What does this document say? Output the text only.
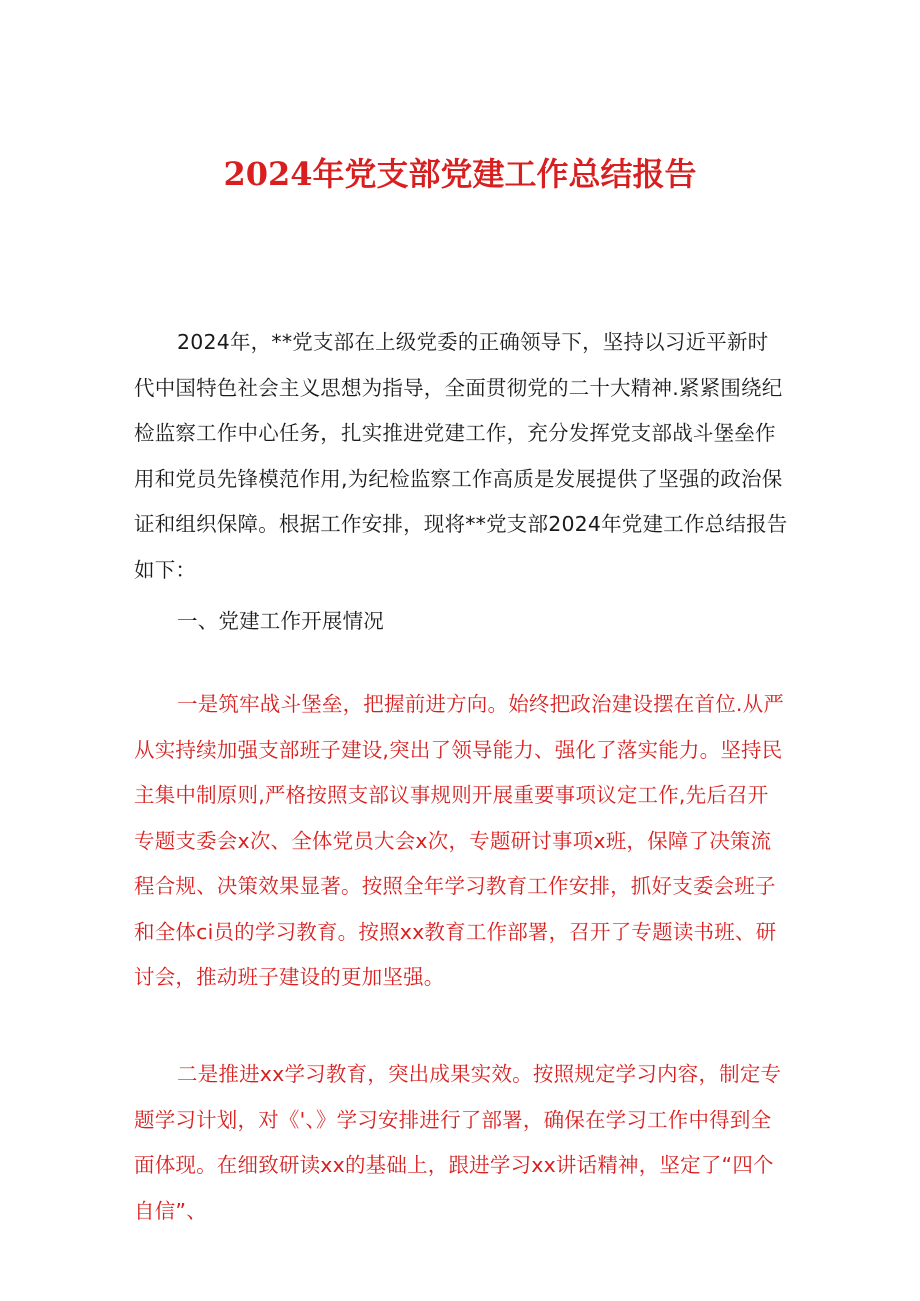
2024年党支部党建工作总结报告

2024年，**党支部在上级党委的正确领导下，坚持以习近平新时代中国特色社会主义思想为指导，全面贯彻党的二十大精神.紧紧围绕纪检监察工作中心任务，扎实推进党建工作，充分发挥党支部战斗堡垒作用和党员先锋模范作用,为纪检监察工作高质是发展提供了坚强的政治保证和组织保障。根据工作安排，现将**党支部2024年党建工作总结报告如下：

一、党建工作开展情况

一是筑牢战斗堡垒，把握前进方向。始终把政治建设摆在首位.从严从实持续加强支部班子建设,突出了领导能力、强化了落实能力。坚持民主集中制原则,严格按照支部议事规则开展重要事项议定工作,先后召开专题支委会x次、全体党员大会x次，专题研讨事项x班，保障了决策流程合规、决策效果显著。按照全年学习教育工作安排，抓好支委会班子和全体ci员的学习教育。按照xx教育工作部署，召开了专题读书班、研讨会，推动班子建设的更加坚强。

二是推进xx学习教育，突出成果实效。按照规定学习内容，制定专题学习计划，对《'、》学习安排进行了部署，确保在学习工作中得到全面体现。在细致研读xx的基础上，跟进学习xx讲话精神，坚定了“四个自信”、
